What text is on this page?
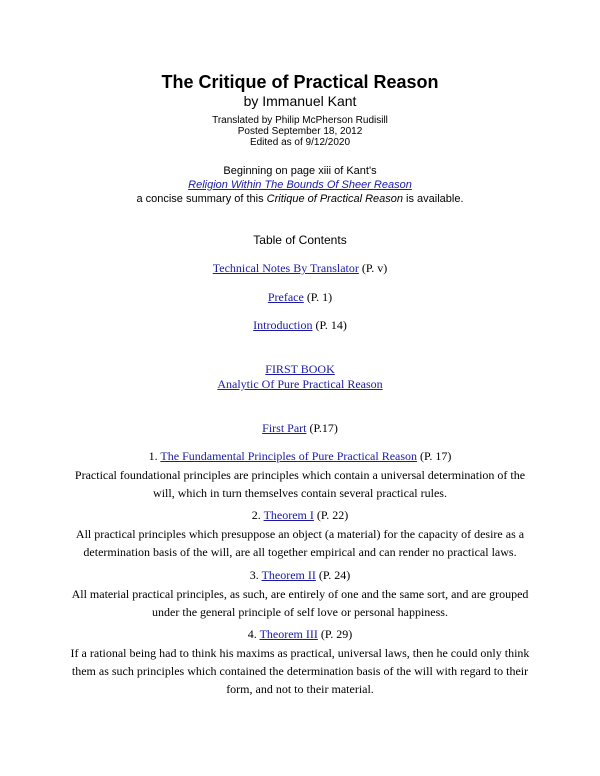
The Critique of Practical Reason

by Immanuel Kant

Translated by Philip McPherson Rudisill
Posted September 18, 2012
Edited as of 9/12/2020
Beginning on page xiii of Kant's
Religion Within The Bounds Of Sheer Reason
a concise summary of this Critique of Practical Reason is available.

Table of Contents

Technical Notes By Translator (P. v)

Preface (P. 1)

Introduction (P. 14)

FIRST BOOK
Analytic Of Pure Practical Reason

First Part (P.17)

1. The Fundamental Principles of Pure Practical Reason (P. 17)

Practical foundational principles are principles which contain a universal determination of the will, which in turn themselves contain several practical rules.

2. Theorem I (P. 22)

All practical principles which presuppose an object (a material) for the capacity of desire as a determination basis of the will, are all together empirical and can render no practical laws.

3. Theorem II (P. 24)

All material practical principles, as such, are entirely of one and the same sort, and are grouped under the general principle of self love or personal happiness.

4. Theorem III (P. 29)

If a rational being had to think his maxims as practical, universal laws, then he could only think them as such principles which contained the determination basis of the will with regard to their form, and not to their material.
